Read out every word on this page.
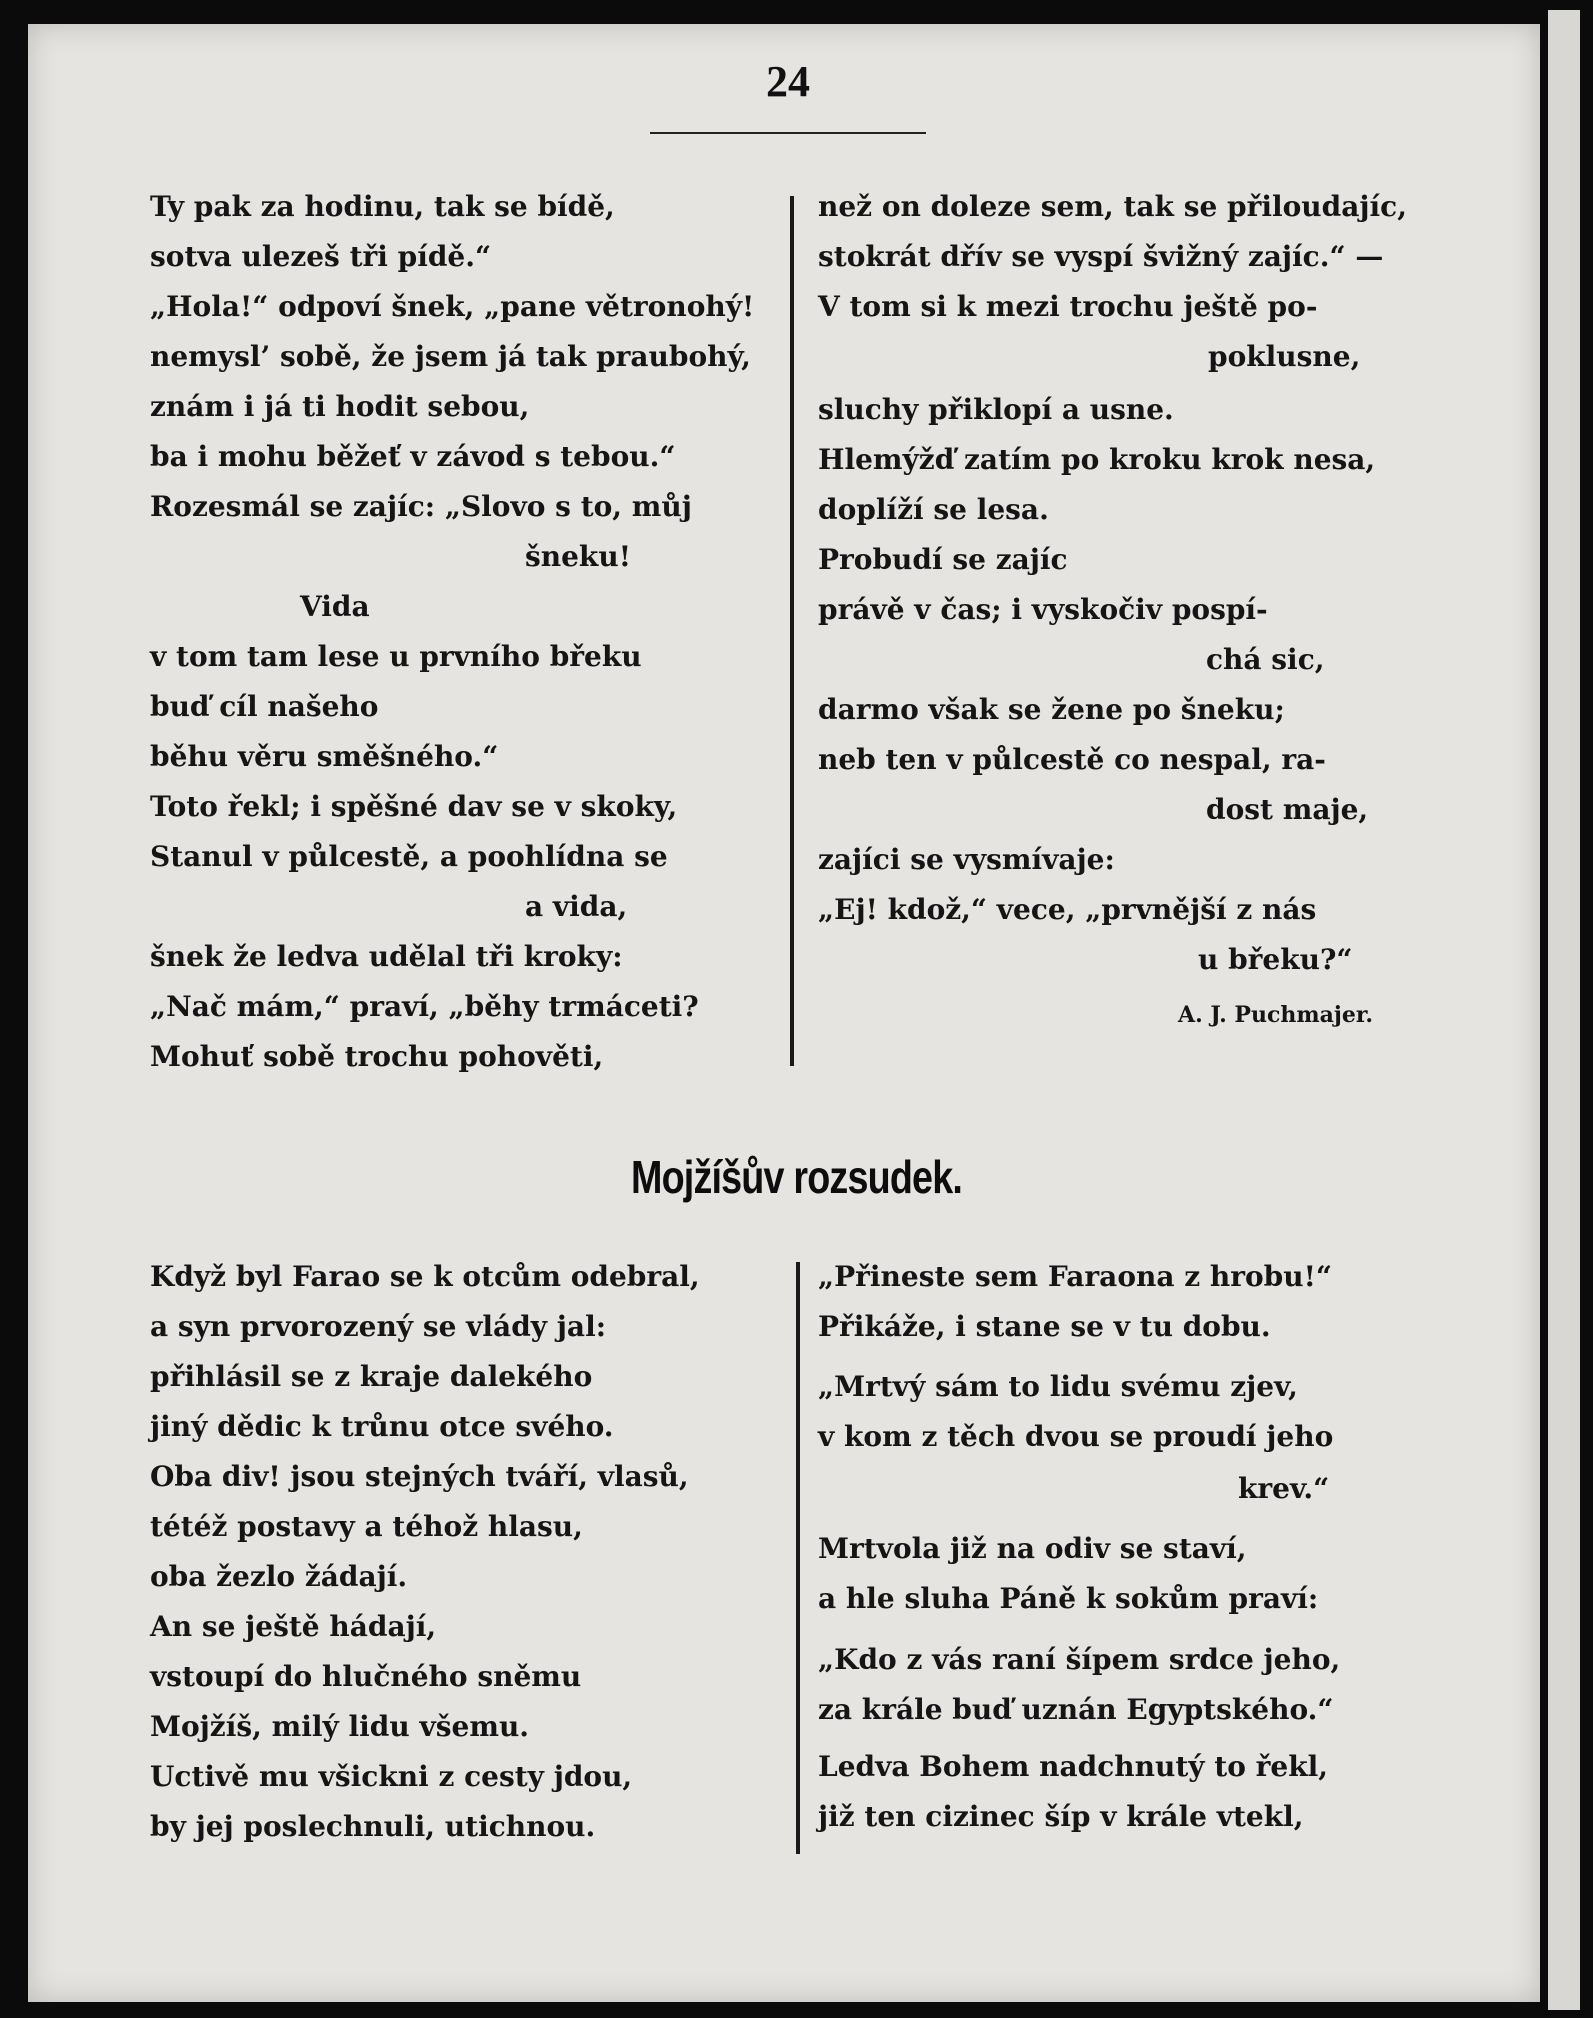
24
Ty pak za hodinu, tak se bídě,
sotva ulezeš tři pídě.“
„Hola!“ odpoví šnek, „pane větronohý!
nemysl’ sobě, že jsem já tak praubohý,
znám i já ti hodit sebou,
ba i mohu běžeť v závod s tebou.“
Rozesmál se zajíc: „Slovo s to, můj
šneku!
Vida
v tom tam lese u prvního břeku
buď cíl našeho
běhu věru směšného.“
Toto řekl; i spěšné dav se v skoky,
Stanul v půlcestě, a poohlídna se
a vida,
šnek že ledva udělal tři kroky:
„Nač mám,“ praví, „běhy trmáceti?
Mohuť sobě trochu pohověti,
než on doleze sem, tak se přiloudajíc,
stokrát dřív se vyspí švižný zajíc.“ —
V tom si k mezi trochu ještě po-
poklusne,
sluchy přiklopí a usne.
Hlemýžď zatím po kroku krok nesa,
doplíží se lesa.
Probudí se zajíc
právě v čas; i vyskočiv pospí-
chá sic,
darmo však se žene po šneku;
neb ten v půlcestě co nespal, ra-
dost maje,
zajíci se vysmívaje:
„Ej! kdož,“ vece, „prvnější z nás
u břeku?“
A. J. Puchmajer.
Mojžíšův rozsudek.
Když byl Farao se k otcům odebral,
a syn prvorozený se vlády jal:
přihlásil se z kraje dalekého
jiný dědic k trůnu otce svého.
Oba div! jsou stejných tváří, vlasů,
tétéž postavy a téhož hlasu,
oba žezlo žádají.
An se ještě hádají,
vstoupí do hlučného sněmu
Mojžíš, milý lidu všemu.
Uctivě mu všickni z cesty jdou,
by jej poslechnuli, utichnou.
„Přineste sem Faraona z hrobu!“
Přikáže, i stane se v tu dobu.
„Mrtvý sám to lidu svému zjev,
v kom z těch dvou se proudí jeho
krev.“
Mrtvola již na odiv se staví,
a hle sluha Páně k sokům praví:
„Kdo z vás raní šípem srdce jeho,
za krále buď uznán Egyptského.“
Ledva Bohem nadchnutý to řekl,
již ten cizinec šíp v krále vtekl,
